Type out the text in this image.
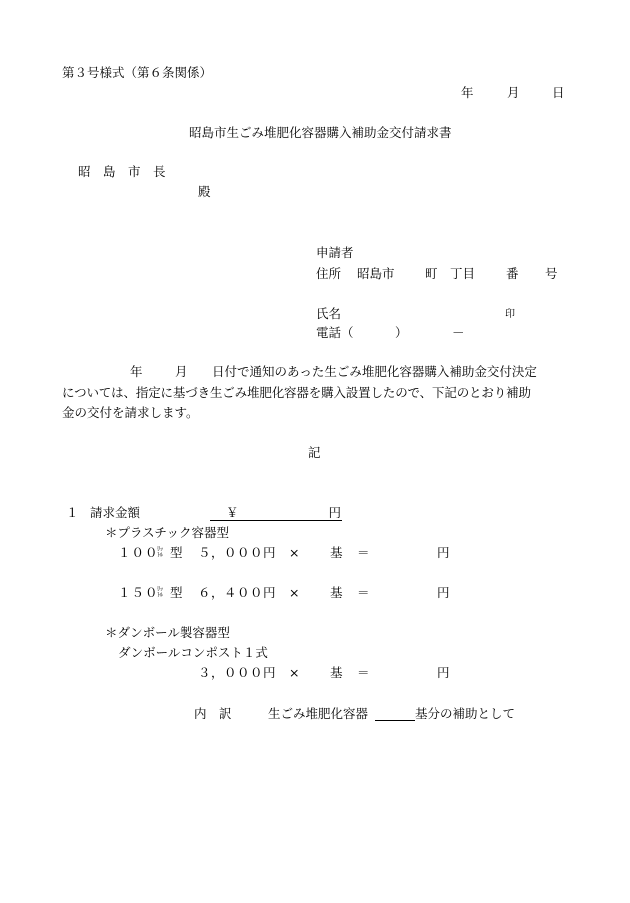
第３号様式（第６条関係）
年	月	日
昭島市生ごみ堆肥化容器購入補助金交付請求書
昭　島　市　長
殿
申請者
住所 昭島市 町 丁目 番 号
氏名	印
電話（	）	－
年	月 日付で通知のあった生ごみ堆肥化容器購入補助金交付決定
については、指定に基づき生ごみ堆肥化容器を購入設置したので、下記のとおり補助
金の交付を請求します。
記
１ 請求金額	￥	円
＊プラスチック容器型
１００
ﾘｯ
ﾄﾙ 型 ５，０００円 × 基 ＝	円
１５０
ﾘｯ
ﾄﾙ 型 ６，４００円 × 基 ＝	円
＊ダンボール製容器型
ダンボールコンポスト１式
３，０００円 × 基 ＝	円
内　訳	生ごみ堆肥化容器	基分の補助として
